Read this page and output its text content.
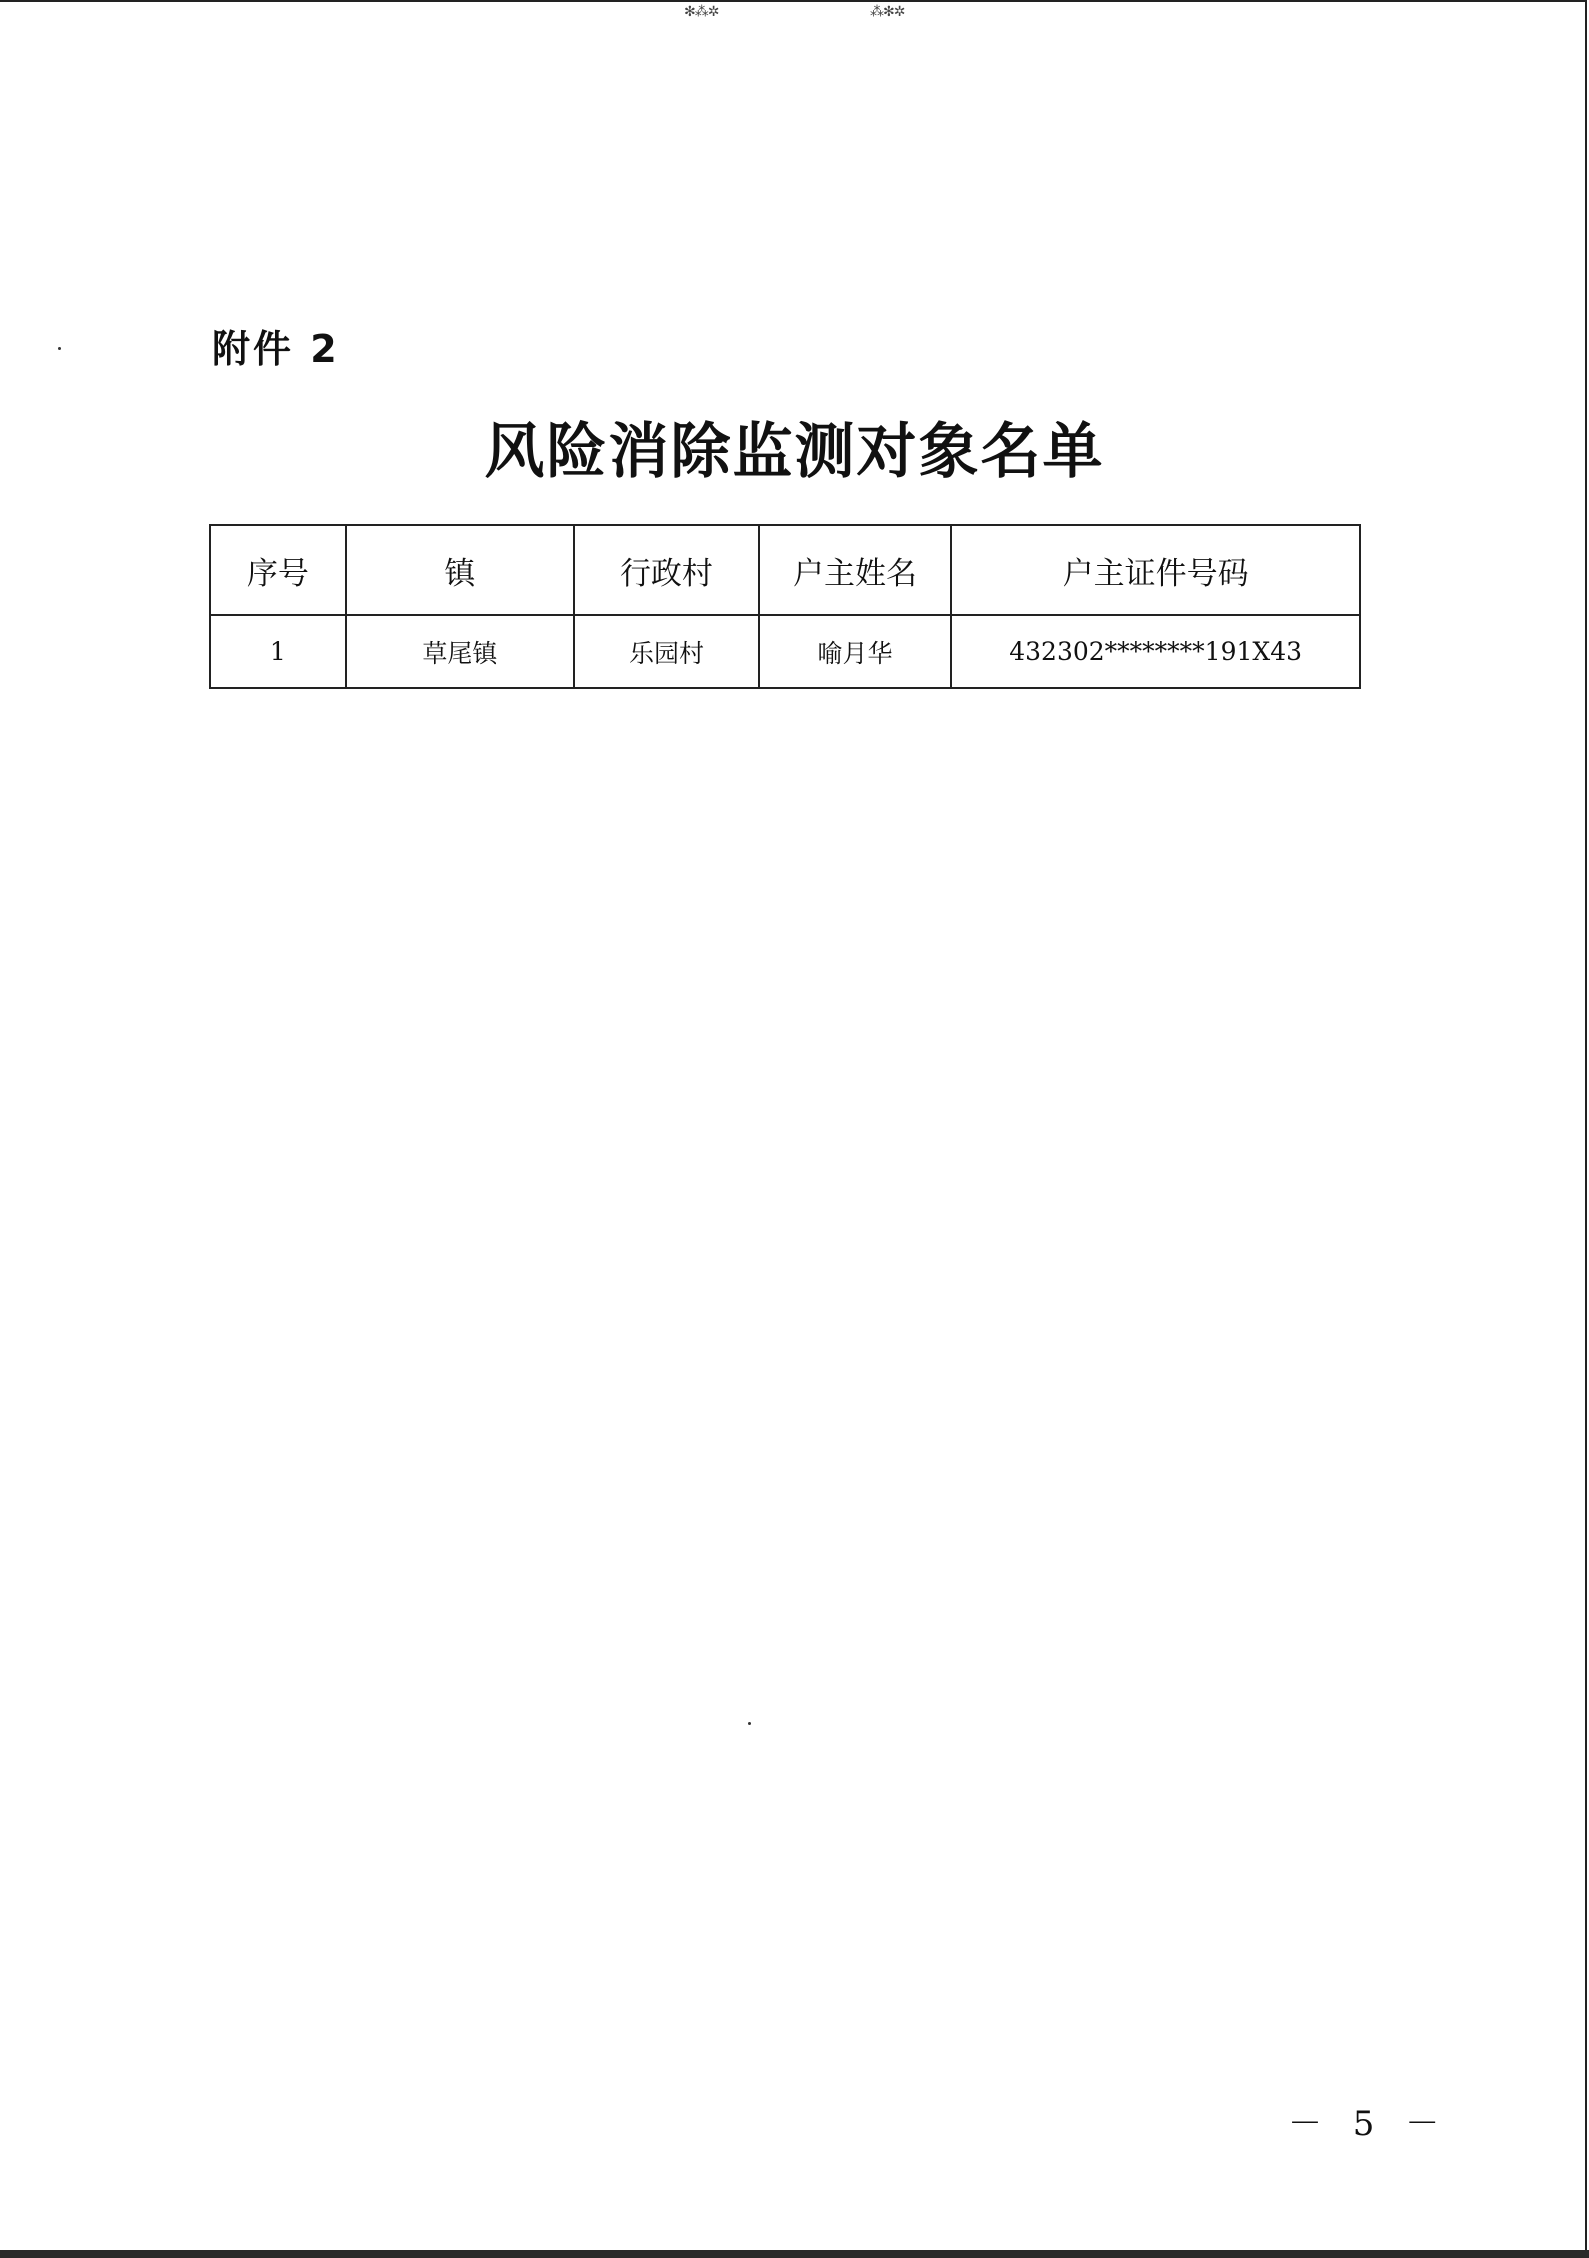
✻⁂✲	⁂✻✲
附件 2
风险消除监测对象名单
序号	镇	行政村	户主姓名	户主证件号码
1	草尾镇	乐园村	喻月华	432302********191X43
－ 5 －
